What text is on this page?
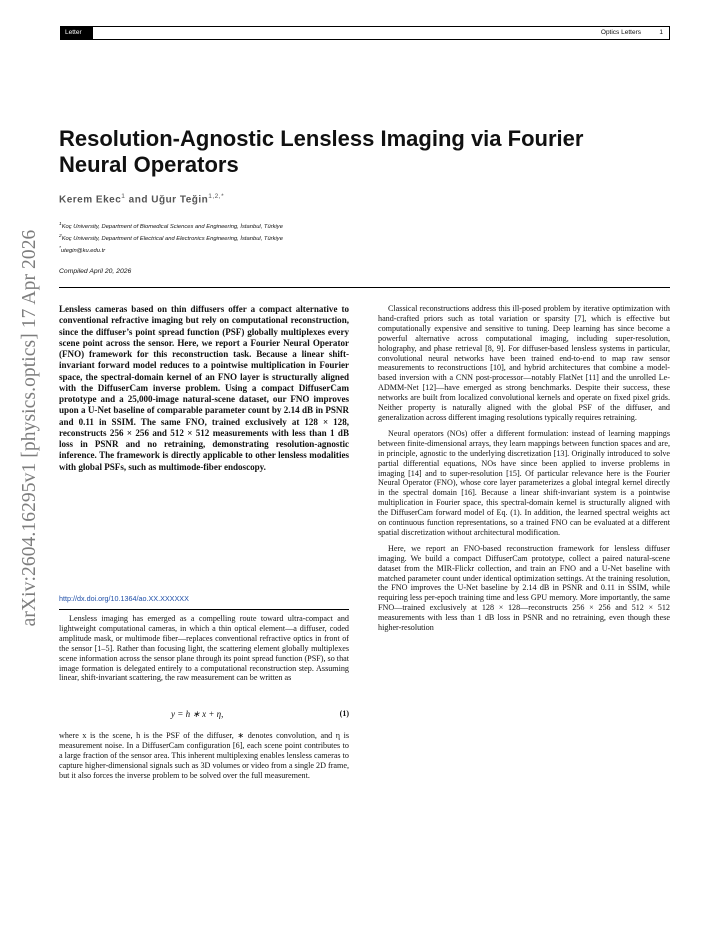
Letter	Optics Letters	1
arXiv:2604.16295v1 [physics.optics] 17 Apr 2026
Resolution-Agnostic Lensless Imaging via Fourier Neural Operators
Kerem Ekec$^1$ and Uğur Teğin$^{1,2,*}$
$^1$Koç University, Department of Biomedical Sciences and Engineering, İstanbul, Türkiye
$^2$Koç University, Department of Electrical and Electronics Engineering, İstanbul, Türkiye
*utegin@ku.edu.tr
Compiled April 20, 2026

Lensless cameras based on thin diffusers offer a compact alternative to conventional refractive imaging but rely on computational reconstruction, since the diffuser’s point spread function (PSF) globally multiplexes every scene point across the sensor. Here, we report a Fourier Neural Operator (FNO) framework for this reconstruction task. Because a linear shift-invariant forward model reduces to a pointwise multiplication in Fourier space, the spectral-domain kernel of an FNO layer is structurally aligned with the DiffuserCam inverse problem. Using a compact DiffuserCam prototype and a 25,000-image natural-scene dataset, our FNO improves upon a U-Net baseline of comparable parameter count by 2.14 dB in PSNR and 0.11 in SSIM. The same FNO, trained exclusively at 128 × 128, reconstructs 256 × 256 and 512 × 512 measurements with less than 1 dB loss in PSNR and no retraining, demonstrating resolution-agnostic inference. The framework is directly applicable to other lensless modalities with global PSFs, such as multimode-fiber endoscopy.

http://dx.doi.org/10.1364/ao.XX.XXXXXX

Lensless imaging has emerged as a compelling route toward ultra-compact and lightweight computational cameras, in which a thin optical element—a diffuser, coded amplitude mask, or multimode fiber—replaces conventional refractive optics in front of the sensor [1–5]. Rather than focusing light, the scattering element globally multiplexes scene information across the sensor plane through its point spread function (PSF), so that image formation is delegated entirely to a computational reconstruction step. Assuming linear, shift-invariant scattering, the raw measurement can be written as

y = h ∗ x + η,	(1)

where x is the scene, h is the PSF of the diffuser, ∗ denotes convolution, and η is measurement noise. In a DiffuserCam configuration [6], each scene point contributes to a large fraction of the sensor area. This inherent multiplexing enables lensless cameras to capture higher-dimensional signals such as 3D volumes or video from a single 2D frame, but it also forces the inverse problem to be solved over the full measurement.

Classical reconstructions address this ill-posed problem by iterative optimization with hand-crafted priors such as total variation or sparsity [7], which is effective but computationally expensive and sensitive to tuning. Deep learning has since become a powerful alternative across computational imaging, including super-resolution, holography, and phase retrieval [8, 9]. For diffuser-based lensless systems in particular, convolutional neural networks have been trained end-to-end to map raw sensor measurements to reconstructions [10], and hybrid architectures that combine a model-based inversion with a CNN post-processor—notably FlatNet [11] and the unrolled Le-ADMM-Net [12]—have emerged as strong benchmarks. Despite their success, these networks are built from localized convolutional kernels and operate on fixed pixel grids. Neither property is naturally aligned with the global PSF of the diffuser, and generalization across different imaging resolutions typically requires retraining.

Neural operators (NOs) offer a different formulation: instead of learning mappings between finite-dimensional arrays, they learn mappings between function spaces and are, in principle, agnostic to the underlying discretization [13]. Originally introduced to solve partial differential equations, NOs have since been applied to inverse problems in imaging [14] and to super-resolution [15]. Of particular relevance here is the Fourier Neural Operator (FNO), whose core layer parameterizes a global integral kernel directly in the spectral domain [16]. Because a linear shift-invariant system is a pointwise multiplication in Fourier space, this spectral-domain kernel is structurally aligned with the DiffuserCam forward model of Eq. (1). In addition, the learned spectral weights act on continuous function representations, so a trained FNO can be evaluated at a different spatial discretization without architectural modification.

Here, we report an FNO-based reconstruction framework for lensless diffuser imaging. We build a compact DiffuserCam prototype, collect a paired natural-scene dataset from the MIR-Flickr collection, and train an FNO and a U-Net baseline with matched parameter count under identical optimization settings. At the training resolution, the FNO improves the U-Net baseline by 2.14 dB in PSNR and 0.11 in SSIM, while requiring less per-epoch training time and less GPU memory. More importantly, the same FNO—trained exclusively at 128 × 128—reconstructs 256 × 256 and 512 × 512 measurements with less than 1 dB loss in PSNR and no retraining, even though these higher-resolution
